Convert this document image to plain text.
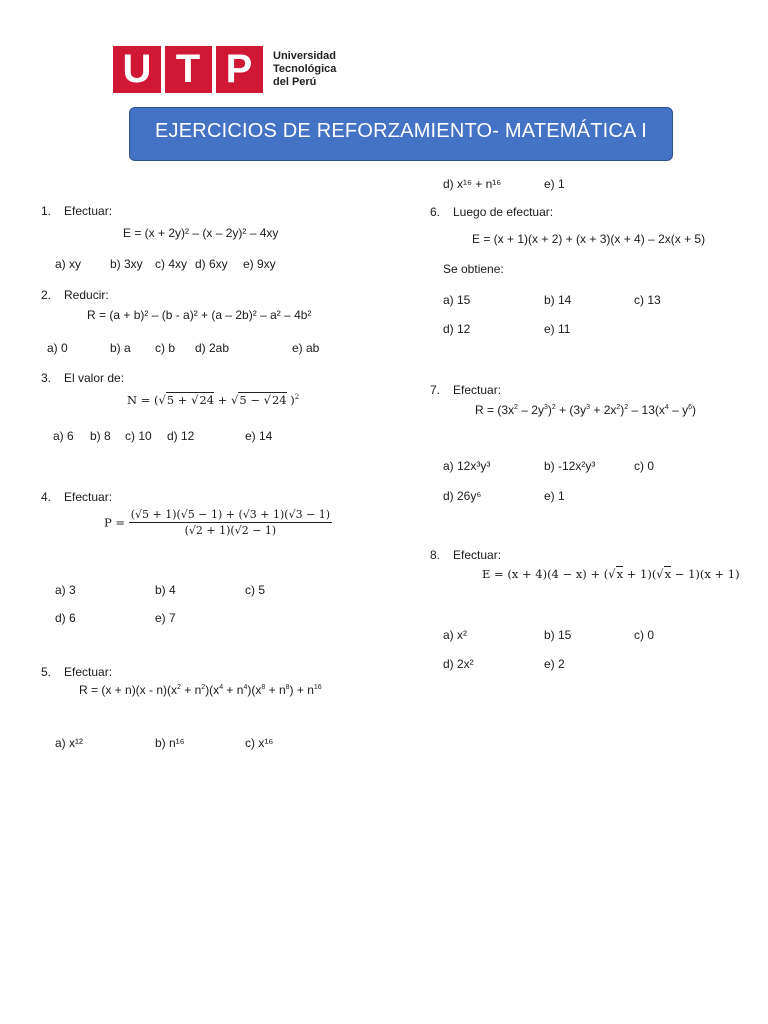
U T P	Universidad
Tecnológica
del Perú
EJERCICIOS DE REFORZAMIENTO- MATEMÁTICA I
1. Efectuar:
E = (x + 2y)² – (x – 2y)² – 4xy
a) xy b) 3xy c) 4xy d) 6xy e) 9xy
2. Reducir:
R = (a + b)² – (b - a)² + (a – 2b)² – a² – 4b²
a) 0	b) a c) b d) 2ab	e) ab
3. El valor de:
N = (√5 + √24 + √5 − √24 )$^2$
a) 6 b) 8 c) 10 d) 12	e) 14
4. Efectuar:
$P = \frac{(√5 + 1)(√5 - 1) + (√3 + 1)(√3 - 1)}{(√2 + 1)(√2 - 1)}$
a) 3	b) 4	c) 5
d) 6	e) 7
5. Efectuar:
$R = (x + n)(x - n)(x^2 + n^2)(x^4 + n^4)(x^8 + n^8) + n^{16}$
a) x¹²	b) n¹⁶	c) x¹⁶
d) x¹⁶ + n¹⁶	e) 1
6. Luego de efectuar:
E = (x + 1)(x + 2) + (x + 3)(x + 4) – 2x(x + 5)
Se obtiene:
a) 15	b) 14	c) 13
d) 12	e) 11
7. Efectuar:
$R = (3x^2 - 2y^3)^2 + (3y^3 + 2x^2)^2 - 13(x^4 - y^6)$
a) 12x³y³	b) -12x²y³	c) 0
d) 26y⁶	e) 1
8. Efectuar:
E = (x + 4)(4 − x) + (√x + 1)(√x − 1)(x + 1)
a) x²	b) 15	c) 0
d) 2x²	e) 2
